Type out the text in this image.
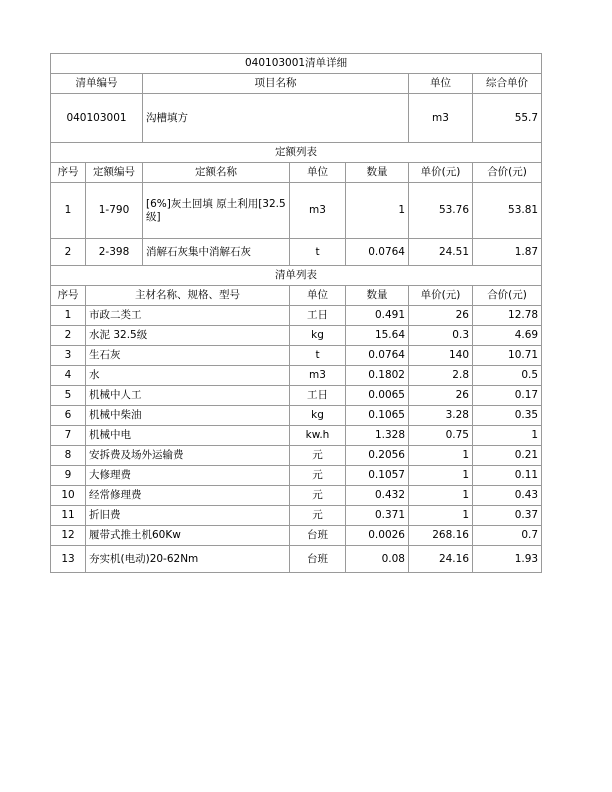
040103001清单详细						
清单编号		项目名称			单位	综合单价
040103001		沟槽填方			m3	55.7
定额列表						
序号	定额编号	定额名称	单位	数量	单价(元)	合价(元)
1	1-790	[6%]灰土回填 原土利用[32.5级]	m3	1	53.76	53.81
2	2-398	消解石灰集中消解石灰	t	0.0764	24.51	1.87
清单列表						
序号	主材名称、规格、型号		单位	数量	单价(元)	合价(元)
1	市政二类工		工日	0.491	26	12.78
2	水泥 32.5级		kg	15.64	0.3	4.69
3	生石灰		t	0.0764	140	10.71
4	水		m3	0.1802	2.8	0.5
5	机械中人工		工日	0.0065	26	0.17
6	机械中柴油		kg	0.1065	3.28	0.35
7	机械中电		kw.h	1.328	0.75	1
8	安拆费及场外运输费		元	0.2056	1	0.21
9	大修理费		元	0.1057	1	0.11
10	经常修理费		元	0.432	1	0.43
11	折旧费		元	0.371	1	0.37
12	履带式推土机60Kw		台班	0.0026	268.16	0.7
13	夯实机(电动)20-62Nm		台班	0.08	24.16	1.93
